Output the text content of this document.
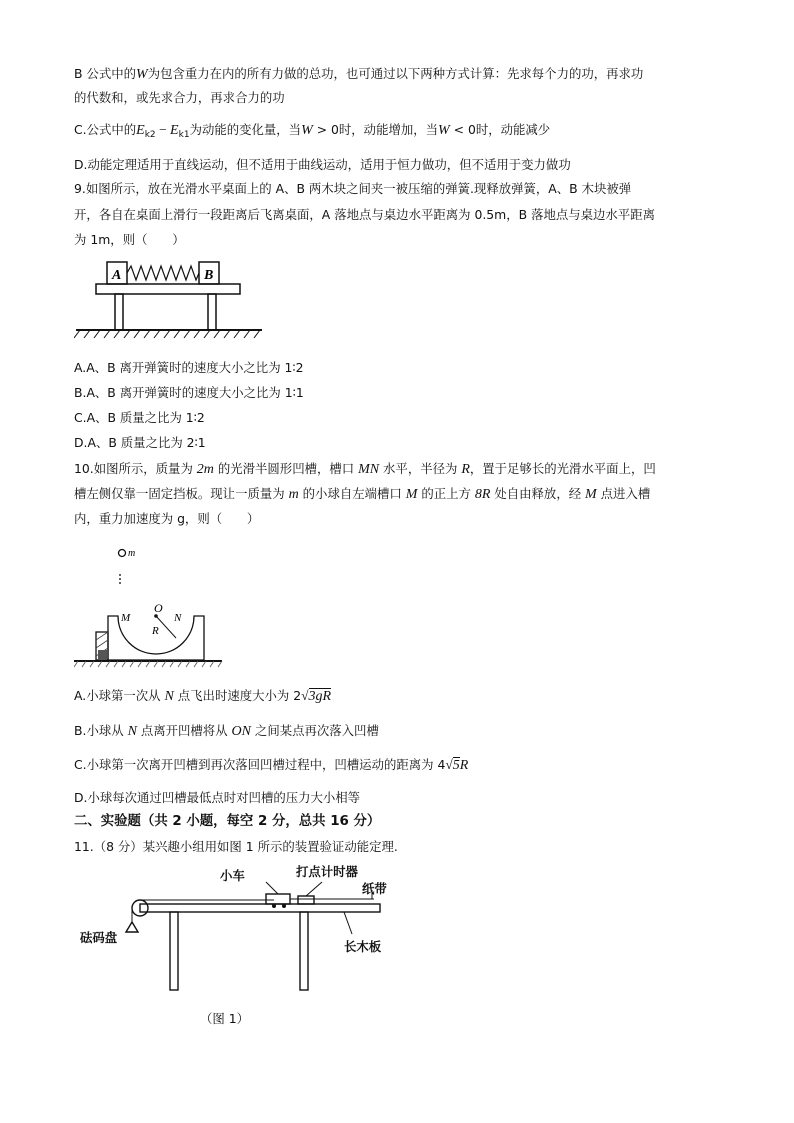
B 公式中的W为包含重力在内的所有力做的总功，也可通过以下两种方式计算：先求每个力的功，再求功
的代数和，或先求合力，再求合力的功
C.公式中的$E_{k2} - E_{k1}$为动能的变化量，当W > 0时，动能增加，当W < 0时，动能减少
D.动能定理适用于直线运动，但不适用于曲线运动，适用于恒力做功，但不适用于变力做功
9.如图所示，放在光滑水平桌面上的 A、B 两木块之间夹一被压缩的弹簧.现释放弹簧，A、B 木块被弹
开，各自在桌面上滑行一段距离后飞离桌面，A 落地点与桌边水平距离为 0.5m，B 落地点与桌边水平距离
为 1m，则（　　）
A	B
A.A、B 离开弹簧时的速度大小之比为 1∶2
B.A、B 离开弹簧时的速度大小之比为 1∶1
C.A、B 质量之比为 1∶2
D.A、B 质量之比为 2∶1
10.如图所示，质量为 2m 的光滑半圆形凹槽，槽口 MN 水平，半径为 R，置于足够长的光滑水平面上，凹
槽左侧仅靠一固定挡板。现让一质量为 m 的小球自左端槽口 M 的正上方 8R 处自由释放，经 M 点进入槽
内，重力加速度为 g，则（　　）
m
M
O
N
R
A.小球第一次从 N 点飞出时速度大小为 2√3gR
B.小球从 N 点离开凹槽将从 ON 之间某点再次落入凹槽
C.小球第一次离开凹槽到再次落回凹槽过程中，凹槽运动的距离为 4√5R
D.小球每次通过凹槽最低点时对凹槽的压力大小相等
二、实验题（共 2 小题，每空 2 分，总共 16 分）
11.（8 分）某兴趣小组用如图 1 所示的装置验证动能定理.
小车	打点计时器
纸带
砝码盘
长木板
（图 1）
